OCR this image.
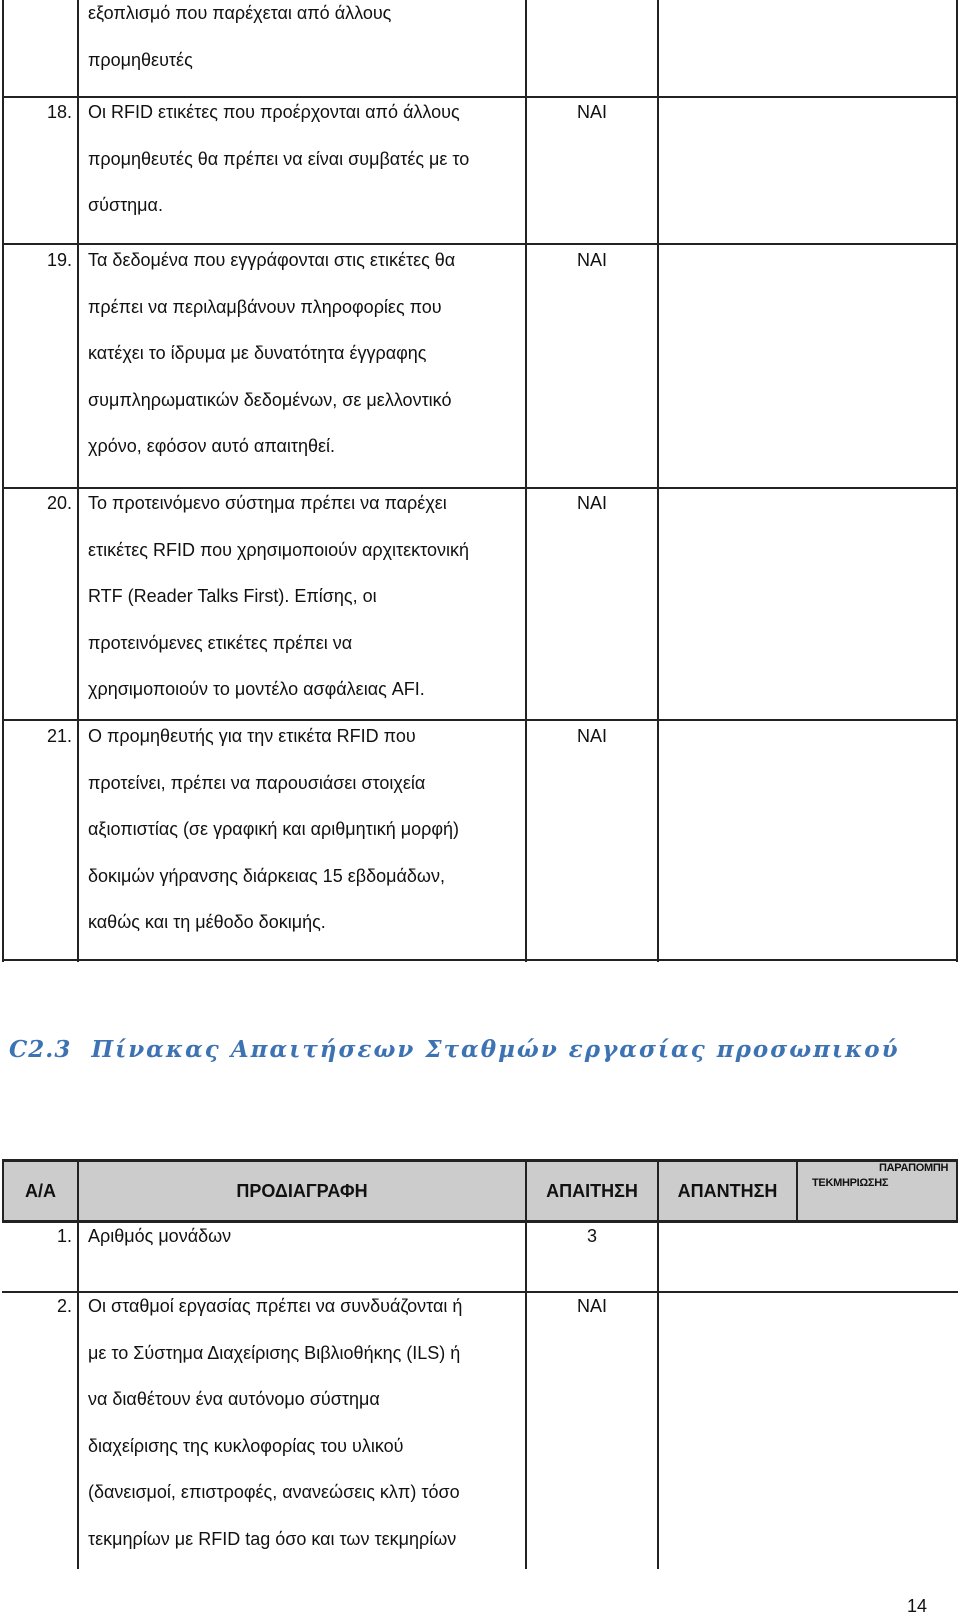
εξοπλισμό που παρέχεται από άλλους
προμηθευτές
18. Οι RFID ετικέτες που προέρχονται από άλλους
προμηθευτές θα πρέπει να είναι συμβατές με το
σύστημα.
ΝΑΙ
19. Τα δεδομένα που εγγράφονται στις ετικέτες θα
πρέπει να περιλαμβάνουν πληροφορίες που
κατέχει το ίδρυμα με δυνατότητα έγγραφης
συμπληρωματικών δεδομένων, σε μελλοντικό
χρόνο, εφόσον αυτό απαιτηθεί.
ΝΑΙ
20. Το προτεινόμενο σύστημα πρέπει να παρέχει
ετικέτες RFID που χρησιμοποιούν αρχιτεκτονική
RTF (Reader Talks First). Επίσης, οι
προτεινόμενες ετικέτες πρέπει να
χρησιμοποιούν το μοντέλο ασφάλειας AFI.
ΝΑΙ
21. Ο προμηθευτής για την ετικέτα RFID που
προτείνει, πρέπει να παρουσιάσει στοιχεία
αξιοπιστίας (σε γραφική και αριθμητική μορφή)
δοκιμών γήρανσης διάρκειας 15 εβδομάδων,
καθώς και τη μέθοδο δοκιμής.
ΝΑΙ
C2.3 Πίνακας Απαιτήσεων Σταθμών εργασίας προσωπικού
Α/Α	ΠΡΟΔΙΑΓΡΑΦΗ	ΑΠΑΙΤΗΣΗ ΑΠΑΝΤΗΣΗ
ΠΑΡΑΠΟΜΠΗ
ΤΕΚΜΗΡΙΩΣΗΣ
1. Αριθμός μονάδων	3
2. Οι σταθμοί εργασίας πρέπει να συνδυάζονται ή
με το Σύστημα Διαχείρισης Βιβλιοθήκης (ILS) ή
να διαθέτουν ένα αυτόνομο σύστημα
διαχείρισης της κυκλοφορίας του υλικού
(δανεισμοί, επιστροφές, ανανεώσεις κλπ) τόσο
τεκμηρίων με RFID tag όσο και των τεκμηρίων
ΝΑΙ
14
